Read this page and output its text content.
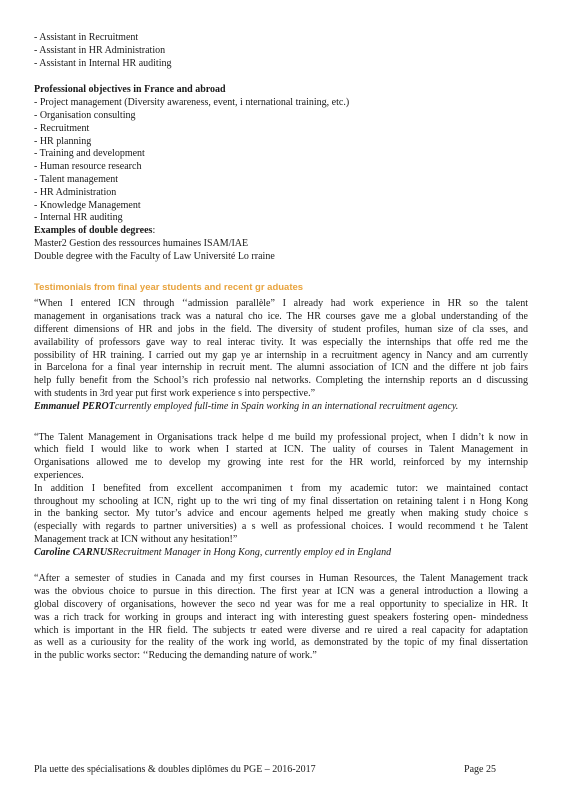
- Assistant in Recruitment
- Assistant in HR Administration
- Assistant in Internal HR auditing
Professional objectives in France and abroad
- Project management (Diversity awareness, event, i nternational training, etc.)
- Organisation consulting
- Recruitment
- HR planning
- Training and development
- Human resource research
- Talent management
- HR Administration
- Knowledge Management
- Internal HR auditing
Examples of double degrees:
Master2 Gestion des ressources humaines ISAM/IAE
Double degree with the Faculty of Law Université Lo rraine
Testimonials from final year students and recent gr aduates
“When I entered ICN through ‘‘admission parallèle” I already had work experience in HR so the talent
management in organisations track was a natural cho ice. The HR courses gave me a global understanding of the
different dimensions of HR and jobs in the field. The diversity of student profiles, human size of cla sses, and
availability of professors gave way to real interac tivity. It was especially the internships that offe red me the
possibility of HR training. I carried out my gap ye ar internship in a recruitment agency in Nancy and am currently
in Barcelona for a final year internship in recruit ment. The alumni association of ICN and the differe nt job fairs
help fully benefit from the School’s rich professio nal networks. Completing the internship reports an d discussing
with students in 3rd year put first work experience s into perspective.”
Emmanuel PEROTcurrently employed full-time in Spain working in an international recruitment agency.
“The Talent Management in Organisations track helpe d me build my professional project, when I didn’t k now in
which field I would like to work when I started at ICN. The uality of courses in Talent Management in
Organisations allowed me to develop my growing inte rest for the HR world, reinforced by my internship
experiences.
In addition I benefited from excellent accompanimen t from my academic tutor: we maintained contact
throughout my schooling at ICN, right up to the wri ting of my final dissertation on retaining talent i n Hong Kong
in the banking sector. My tutor’s advice and encour agements helped me greatly when making study choice s
(especially with regards to partner universities) a s well as professional choices. I would recommend t he Talent
Management track at ICN without any hesitation!”
Caroline CARNUSRecruitment Manager in Hong Kong, currently employ ed in England
“After a semester of studies in Canada and my first courses in Human Resources, the Talent Management track
was the obvious choice to pursue in this direction. The first year at ICN was a general introduction a llowing a
global discovery of organisations, however the seco nd year was for me a real opportunity to specialize in HR. It
was a rich track for working in groups and interact ing with interesting guest speakers fostering open- mindedness
which is important in the HR field. The subjects tr eated were diverse and re uired a real capacity for adaptation
as well as a curiousity for the reality of the work ing world, as demonstrated by the topic of my final dissertation
in the public works sector: ‘‘Reducing the demanding nature of work.”
Pla uette des spécialisations & doubles diplômes du PGE – 2016-2017	Page 25
